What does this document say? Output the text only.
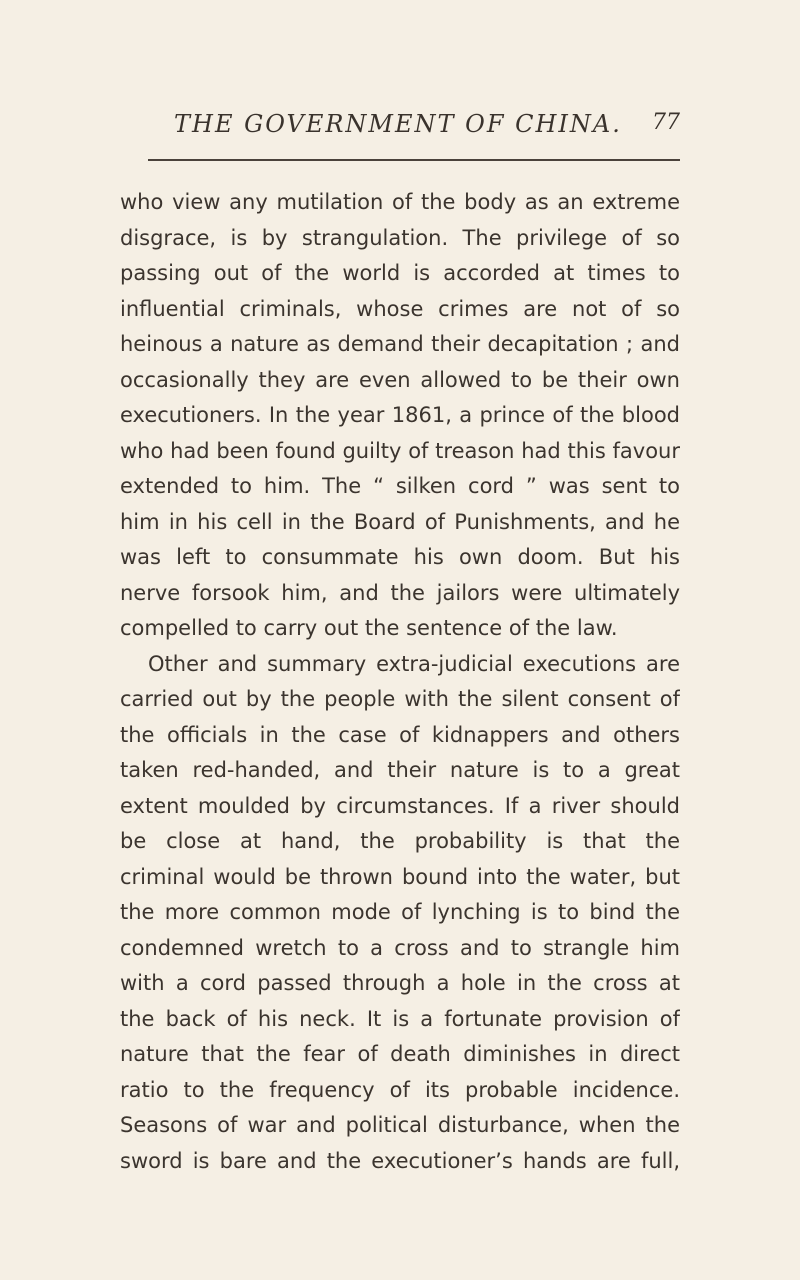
THE GOVERNMENT OF CHINA. 77
who view any mutilation of the body as an extreme
disgrace, is by strangulation. The privilege of so
passing out of the world is accorded at times to
influential criminals, whose crimes are not of so
heinous a nature as demand their decapitation ; and
occasionally they are even allowed to be their own
executioners. In the year 1861, a prince of the blood
who had been found guilty of treason had this favour
extended to him. The “ silken cord ” was sent to
him in his cell in the Board of Punishments, and he
was left to consummate his own doom. But his
nerve forsook him, and the jailors were ultimately
compelled to carry out the sentence of the law.
Other and summary extra-judicial executions are
carried out by the people with the silent consent of
the officials in the case of kidnappers and others
taken red-handed, and their nature is to a great
extent moulded by circumstances. If a river should
be close at hand, the probability is that the
criminal would be thrown bound into the water, but
the more common mode of lynching is to bind the
condemned wretch to a cross and to strangle him
with a cord passed through a hole in the cross at
the back of his neck. It is a fortunate provision of
nature that the fear of death diminishes in direct
ratio to the frequency of its probable incidence.
Seasons of war and political disturbance, when the
sword is bare and the executioner’s hands are full,
